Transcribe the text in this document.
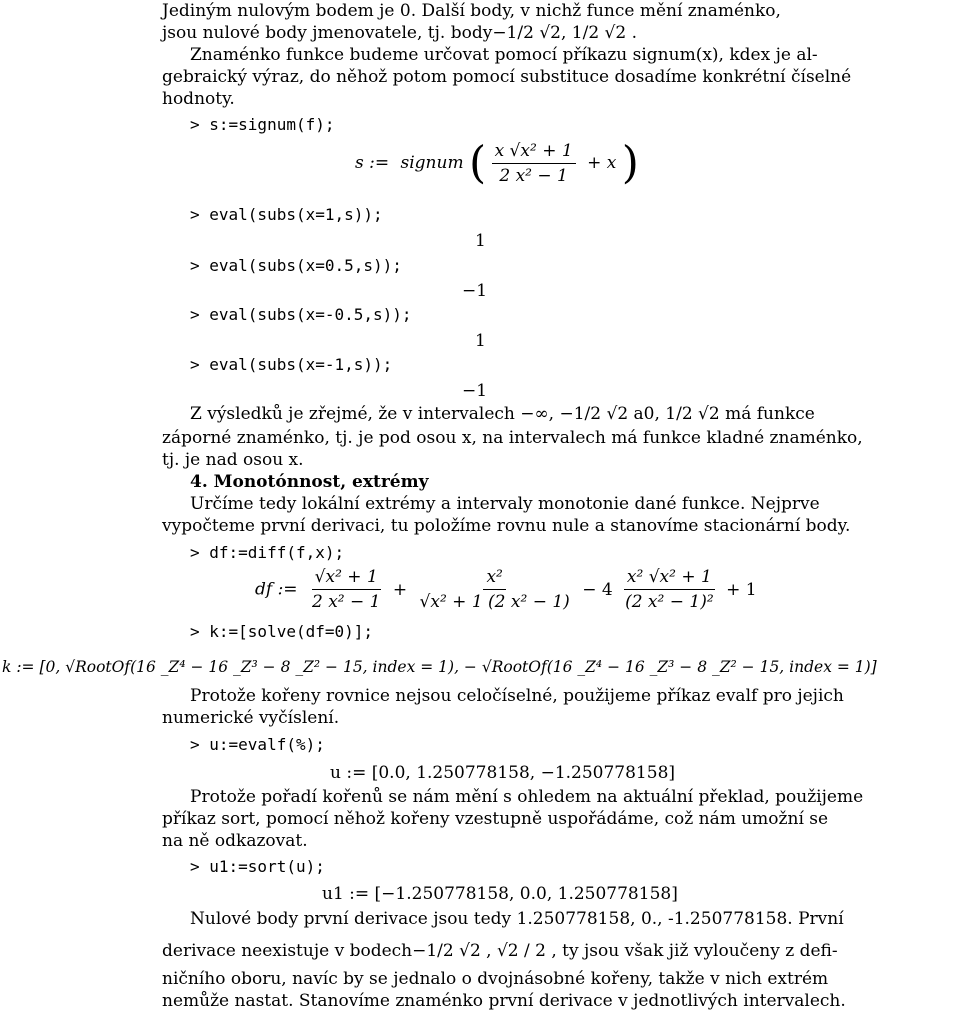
Jediným nulovým bodem je 0. Další body, v nichž funce mění znaménko,
jsou nulové body jmenovatele, tj. body−1/2 √2, 1/2 √2 .
Znaménko funkce budeme určovat pomocí příkazu signum(x), kdex je al-
gebraický výraz, do něhož potom pomocí substituce dosadíme konkrétní číselné
hodnoty.
> s:=signum(f);
s := signum ( $\frac{\text{x √x² + 1}}{\text{2 x² − 1}} + x$ )
> eval(subs(x=1,s));
1
> eval(subs(x=0.5,s));
−1
> eval(subs(x=-0.5,s));
1
> eval(subs(x=-1,s));
−1
Z výsledků je zřejmé, že v intervalech −∞, −1/2 √2 a0, 1/2 √2 má funkce
záporné znaménko, tj. je pod osou x, na intervalech má funkce kladné znaménko,
tj. je nad osou x.
4. Monotónnost, extrémy
Určíme tedy lokální extrémy a intervaly monotonie dané funkce. Nejprve
vypočteme první derivaci, tu položíme rovnu nule a stanovíme stacionární body.
> df:=diff(f,x);
df := $\frac{\text{√x² + 1}}{\text{2 x² − 1}} + \frac{\text{x²}}{\text{√x² + 1 (2 x² − 1)}} - 4 \frac{\text{x² √x² + 1}}{\text{(2 x² − 1)²}} + 1$
> k:=[solve(df=0)];
k := [0, √RootOf(16 _Z⁴ − 16 _Z³ − 8 _Z² − 15, index = 1), − √RootOf(16 _Z⁴ − 16 _Z³ − 8 _Z² − 15, index = 1)]
Protože kořeny rovnice nejsou celočíselné, použijeme příkaz evalf pro jejich
numerické vyčíslení.
> u:=evalf(%);
u := [0.0, 1.250778158, −1.250778158]
Protože pořadí kořenů se nám mění s ohledem na aktuální překlad, použijeme
příkaz sort, pomocí něhož kořeny vzestupně uspořádáme, což nám umožní se
na ně odkazovat.
> u1:=sort(u);
u1 := [−1.250778158, 0.0, 1.250778158]
Nulové body první derivace jsou tedy 1.250778158, 0., -1.250778158. První
derivace neexistuje v bodech−1/2 √2 , √2 / 2 , ty jsou však již vyloučeny z defi-
ničního oboru, navíc by se jednalo o dvojnásobné kořeny, takže v nich extrém
nemůže nastat. Stanovíme znaménko první derivace v jednotlivých intervalech.
